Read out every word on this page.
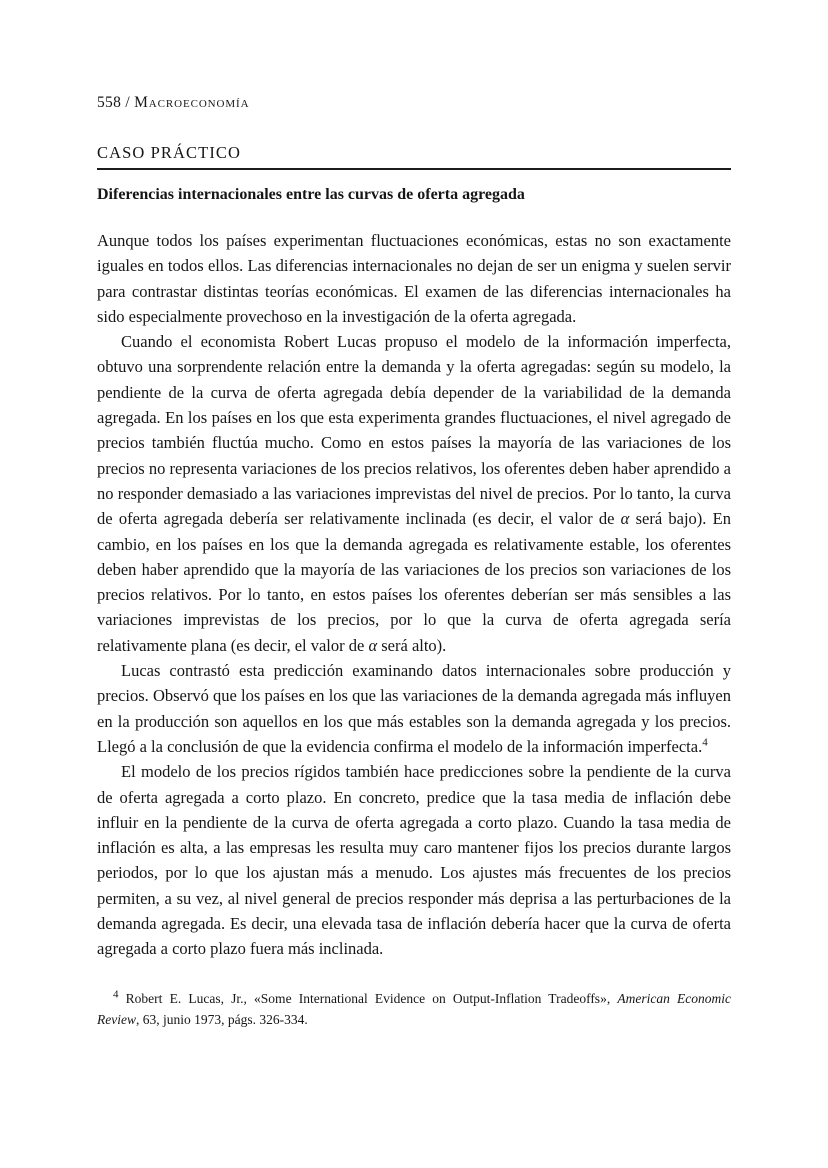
558 / Macroeconomía
CASO PRÁCTICO
Diferencias internacionales entre las curvas de oferta agregada

Aunque todos los países experimentan fluctuaciones económicas, estas no son exactamente iguales en todos ellos. Las diferencias internacionales no dejan de ser un enigma y suelen servir para contrastar distintas teorías económicas. El examen de las diferencias internacionales ha sido especialmente provechoso en la investigación de la oferta agregada.

Cuando el economista Robert Lucas propuso el modelo de la información imperfecta, obtuvo una sorprendente relación entre la demanda y la oferta agregadas: según su modelo, la pendiente de la curva de oferta agregada debía depender de la variabilidad de la demanda agregada. En los países en los que esta experimenta grandes fluctuaciones, el nivel agregado de precios también fluctúa mucho. Como en estos países la mayoría de las variaciones de los precios no representa variaciones de los precios relativos, los oferentes deben haber aprendido a no responder demasiado a las variaciones imprevistas del nivel de precios. Por lo tanto, la curva de oferta agregada debería ser relativamente inclinada (es decir, el valor de α será bajo). En cambio, en los países en los que la demanda agregada es relativamente estable, los oferentes deben haber aprendido que la mayoría de las variaciones de los precios son variaciones de los precios relativos. Por lo tanto, en estos países los oferentes deberían ser más sensibles a las variaciones imprevistas de los precios, por lo que la curva de oferta agregada sería relativamente plana (es decir, el valor de α será alto).

Lucas contrastó esta predicción examinando datos internacionales sobre producción y precios. Observó que los países en los que las variaciones de la demanda agregada más influyen en la producción son aquellos en los que más estables son la demanda agregada y los precios. Llegó a la conclusión de que la evidencia confirma el modelo de la información imperfecta.$^4$

El modelo de los precios rígidos también hace predicciones sobre la pendiente de la curva de oferta agregada a corto plazo. En concreto, predice que la tasa media de inflación debe influir en la pendiente de la curva de oferta agregada a corto plazo. Cuando la tasa media de inflación es alta, a las empresas les resulta muy caro mantener fijos los precios durante largos periodos, por lo que los ajustan más a menudo. Los ajustes más frecuentes de los precios permiten, a su vez, al nivel general de precios responder más deprisa a las perturbaciones de la demanda agregada. Es decir, una elevada tasa de inflación debería hacer que la curva de oferta agregada a corto plazo fuera más inclinada.

$^4$ Robert E. Lucas, Jr., «Some International Evidence on Output-Inflation Tradeoffs», American Economic Review, 63, junio 1973, págs. 326-334.
